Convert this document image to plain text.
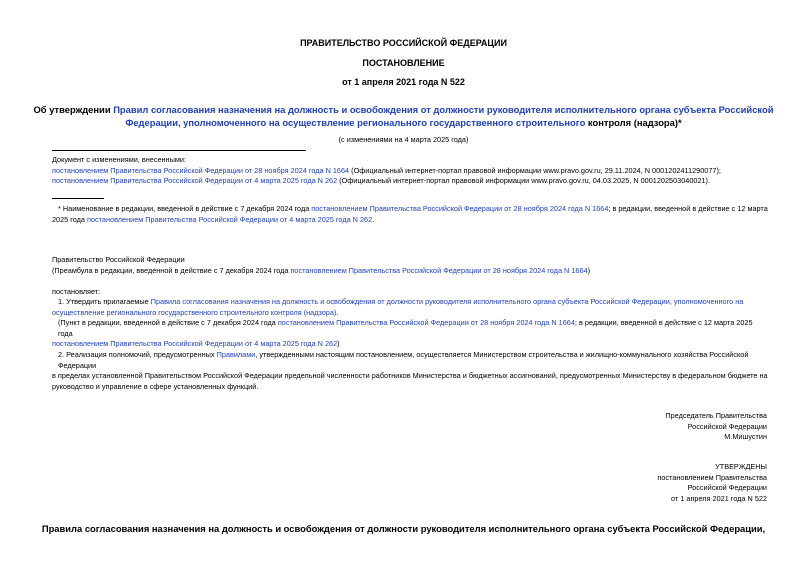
ПРАВИТЕЛЬСТВО РОССИЙСКОЙ ФЕДЕРАЦИИ
ПОСТАНОВЛЕНИЕ
от 1 апреля 2021 года N 522
Об утверждении Правил согласования назначения на должность и освобождения от должности руководителя исполнительного органа субъекта Российской
Федерации, уполномоченного на осуществление регионального государственного строительного контроля (надзора)*
(с изменениями на 4 марта 2025 года)
Документ с изменениями, внесенными:
постановлением Правительства Российской Федерации от 28 ноября 2024 года N 1664 (Официальный интернет-портал правовой информации www.pravo.gov.ru, 29.11.2024, N 0001202411290077);
постановлением Правительства Российской Федерации от 4 марта 2025 года N 262 (Официальный интернет-портал правовой информации www.pravo.gov.ru, 04.03.2025, N 0001202503040021).
* Наименование в редакции, введенной в действие с 7 декабря 2024 года постановлением Правительства Российской Федерации от 28 ноября 2024 года N 1664; в редакции, введенной в действие с 12 марта
2025 года постановлением Правительства Российской Федерации от 4 марта 2025 года N 262.
Правительство Российской Федерации
(Преамбула в редакции, введенной в действие с 7 декабря 2024 года постановлением Правительства Российской Федерации от 28 ноября 2024 года N 1664)
постановляет:
1. Утвердить прилагаемые Правила согласования назначения на должность и освобождения от должности руководителя исполнительного органа субъекта Российской Федерации, уполномоченного на
осуществление регионального государственного строительного контроля (надзора).
(Пункт в редакции, введенной в действие с 7 декабря 2024 года постановлением Правительства Российской Федерации от 28 ноября 2024 года N 1664; в редакции, введенной в действие с 12 марта 2025 года
постановлением Правительства Российской Федерации от 4 марта 2025 года N 262)
2. Реализация полномочий, предусмотренных Правилами, утвержденными настоящим постановлением, осуществляется Министерством строительства и жилищно-коммунального хозяйства Российской Федерации
в пределах установленной Правительством Российской Федерации предельной численности работников Министерства и бюджетных ассигнований, предусмотренных Министерству в федеральном бюджете на
руководство и управление в сфере установленных функций.
Председатель Правительства
Российской Федерации
М.Мишустин
УТВЕРЖДЕНЫ
постановлением Правительства
Российской Федерации
от 1 апреля 2021 года N 522
Правила согласования назначения на должность и освобождения от должности руководителя исполнительного органа субъекта Российской Федерации,
